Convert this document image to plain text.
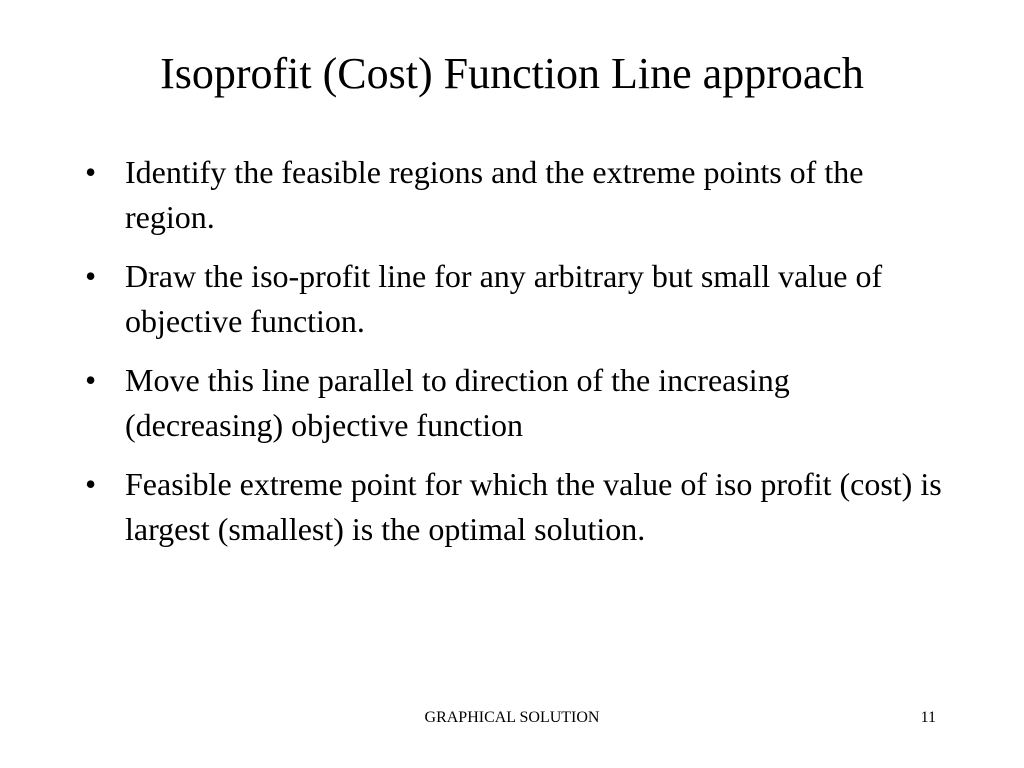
Isoprofit (Cost) Function Line approach
• Identify the feasible regions and the extreme points of the region.
• Draw the iso-profit line for any arbitrary but small value of objective function.
• Move this line parallel to direction of the increasing (decreasing) objective function
• Feasible extreme point for which the value of iso profit (cost) is largest (smallest) is the optimal solution.
GRAPHICAL SOLUTION	11
